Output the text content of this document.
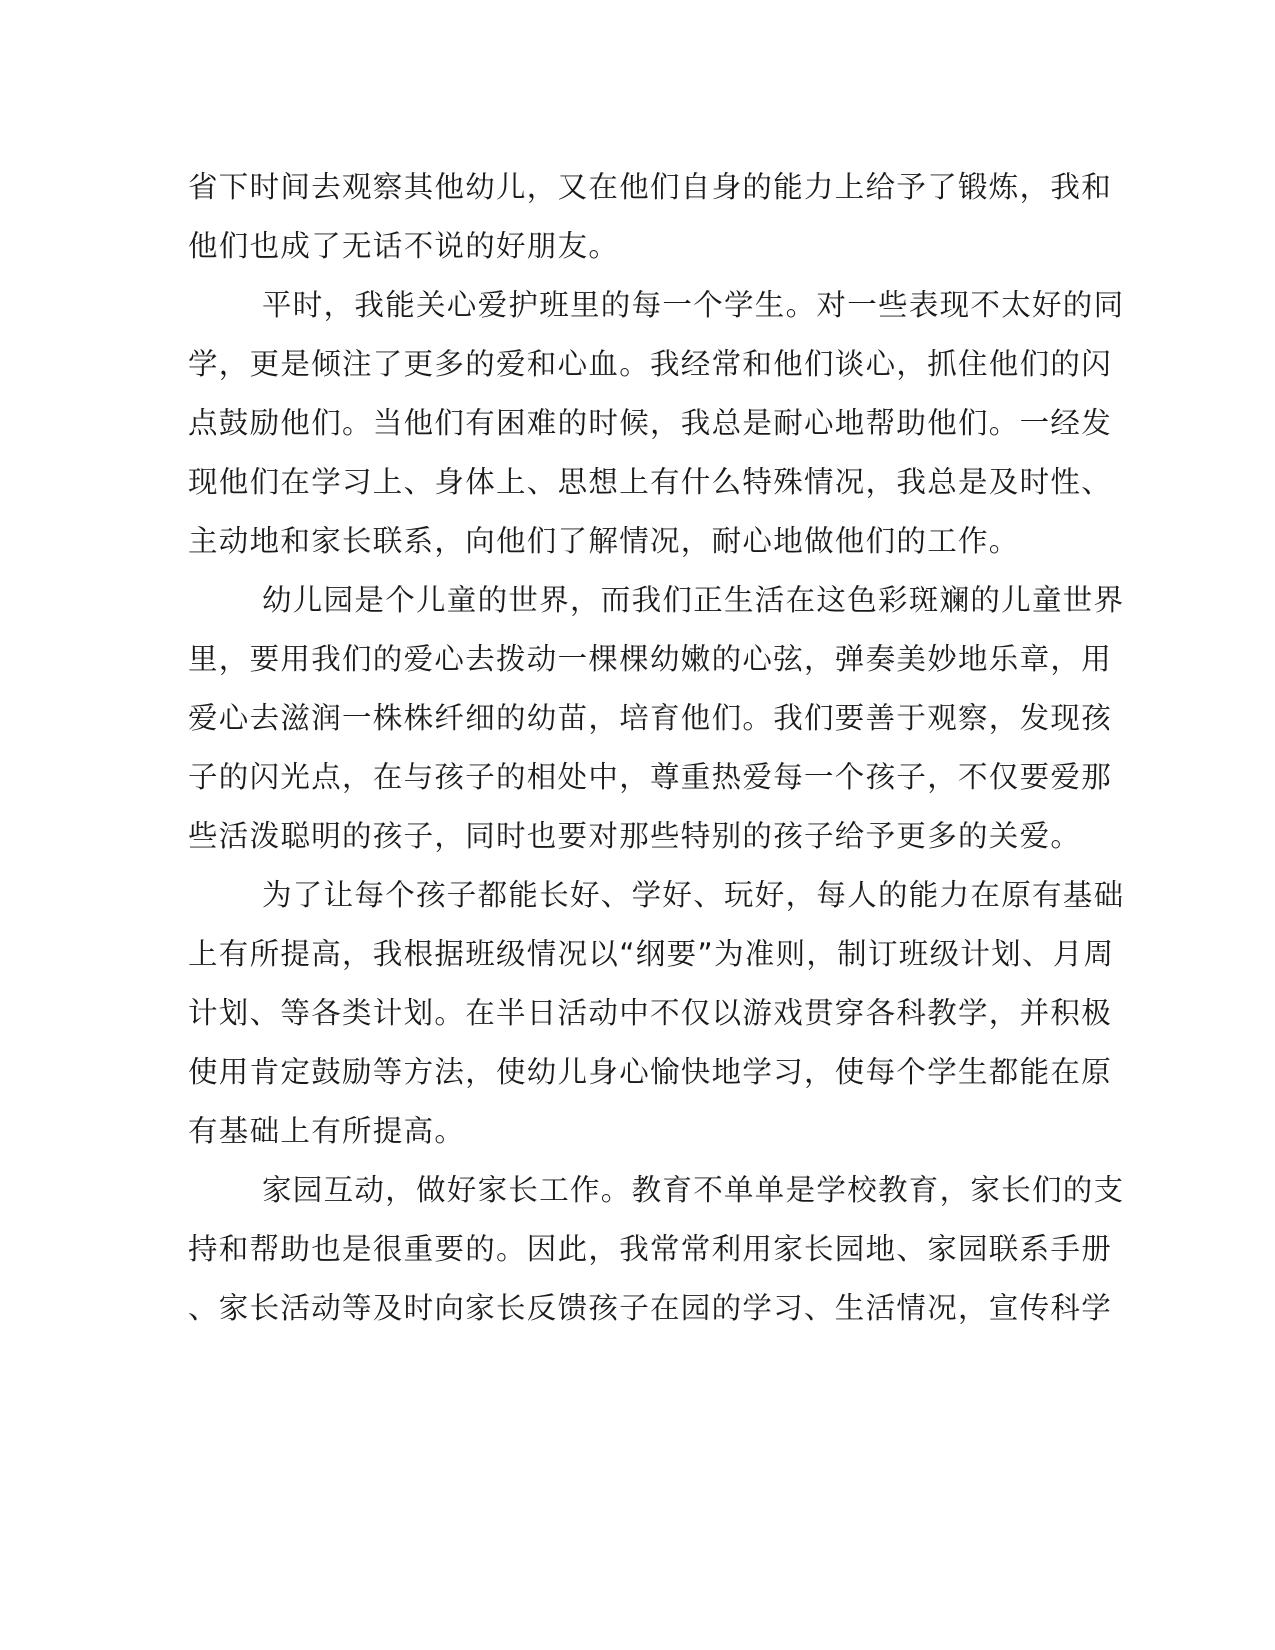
省下时间去观察其他幼儿，又在他们自身的能力上给予了锻炼，我和
他们也成了无话不说的好朋友。
平时，我能关心爱护班里的每一个学生。对一些表现不太好的同
学，更是倾注了更多的爱和心血。我经常和他们谈心，抓住他们的闪
点鼓励他们。当他们有困难的时候，我总是耐心地帮助他们。一经发
现他们在学习上、身体上、思想上有什么特殊情况，我总是及时性、
主动地和家长联系，向他们了解情况，耐心地做他们的工作。
幼儿园是个儿童的世界，而我们正生活在这色彩斑斓的儿童世界
里，要用我们的爱心去拨动一棵棵幼嫩的心弦，弹奏美妙地乐章，用
爱心去滋润一株株纤细的幼苗，培育他们。我们要善于观察，发现孩
子的闪光点，在与孩子的相处中，尊重热爱每一个孩子，不仅要爱那
些活泼聪明的孩子，同时也要对那些特别的孩子给予更多的关爱。
为了让每个孩子都能长好、学好、玩好，每人的能力在原有基础
上有所提高，我根据班级情况以“纲要”为准则，制订班级计划、月周
计划、等各类计划。在半日活动中不仅以游戏贯穿各科教学，并积极
使用肯定鼓励等方法，使幼儿身心愉快地学习，使每个学生都能在原
有基础上有所提高。
家园互动，做好家长工作。教育不单单是学校教育，家长们的支
持和帮助也是很重要的。因此，我常常利用家长园地、家园联系手册
、家长活动等及时向家长反馈孩子在园的学习、生活情况，宣传科学
